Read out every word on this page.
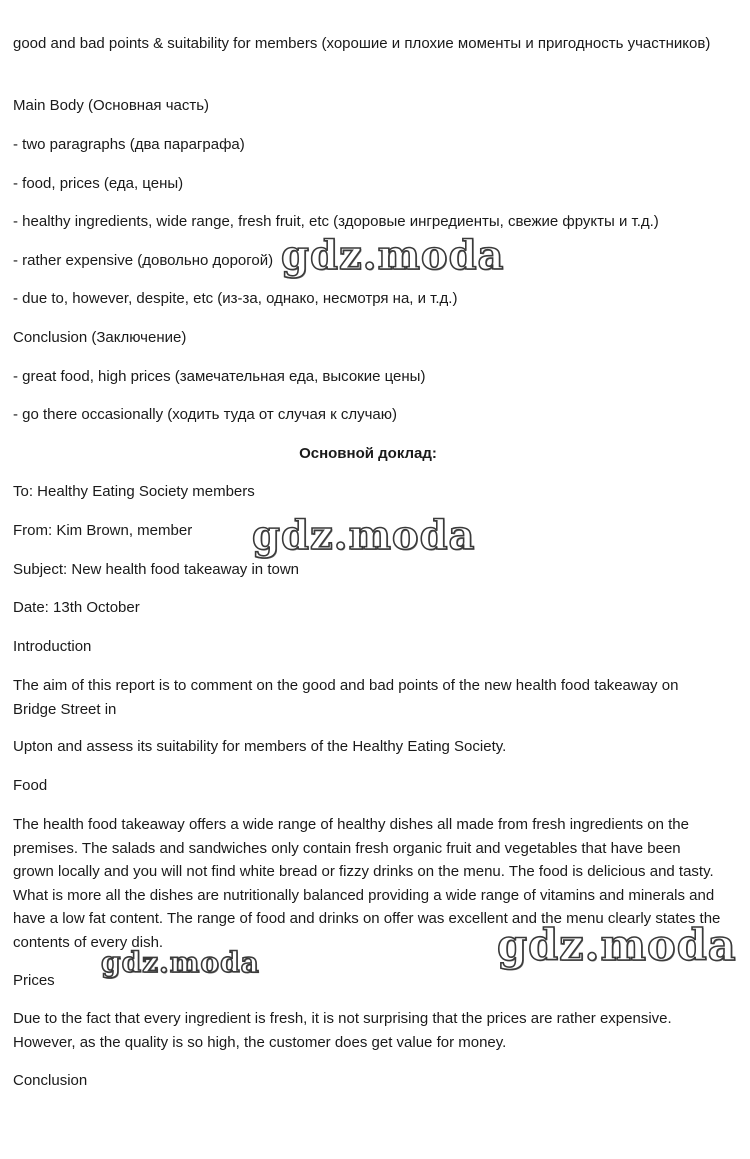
good and bad points & suitability for members (хорошие и плохие моменты и пригодность участников)

Main Body (Основная часть)

- two paragraphs (два параграфа)

- food, prices (еда, цены)

- healthy ingredients, wide range, fresh fruit, etc (здоровые ингредиенты, свежие фрукты и т.д.)

- rather expensive (довольно дорогой)

- due to, however, despite, etc (из-за, однако, несмотря на, и т.д.)

Conclusion (Заключение)

- great food, high prices (замечательная еда, высокие цены)

- go there occasionally (ходить туда от случая к случаю)

Основной доклад:

To: Healthy Eating Society members

From: Kim Brown, member

Subject: New health food takeaway in town

Date: 13th October

Introduction

The aim of this report is to comment on the good and bad points of the new health food takeaway on Bridge Street in

Upton and assess its suitability for members of the Healthy Eating Society.

Food

The health food takeaway offers a wide range of healthy dishes all made from fresh ingredients on the premises. The salads and sandwiches only contain fresh organic fruit and vegetables that have been grown locally and you will not find white bread or fizzy drinks on the menu. The food is delicious and tasty. What is more all the dishes are nutritionally balanced providing a wide range of vitamins and minerals and have a low fat content. The range of food and drinks on offer was excellent and the menu clearly states the contents of every dish.

Prices

Due to the fact that every ingredient is fresh, it is not surprising that the prices are rather expensive. However, as the quality is so high, the customer does get value for money.

Conclusion

gdz.moda
gdz.moda
gdz.moda
gdz.moda
